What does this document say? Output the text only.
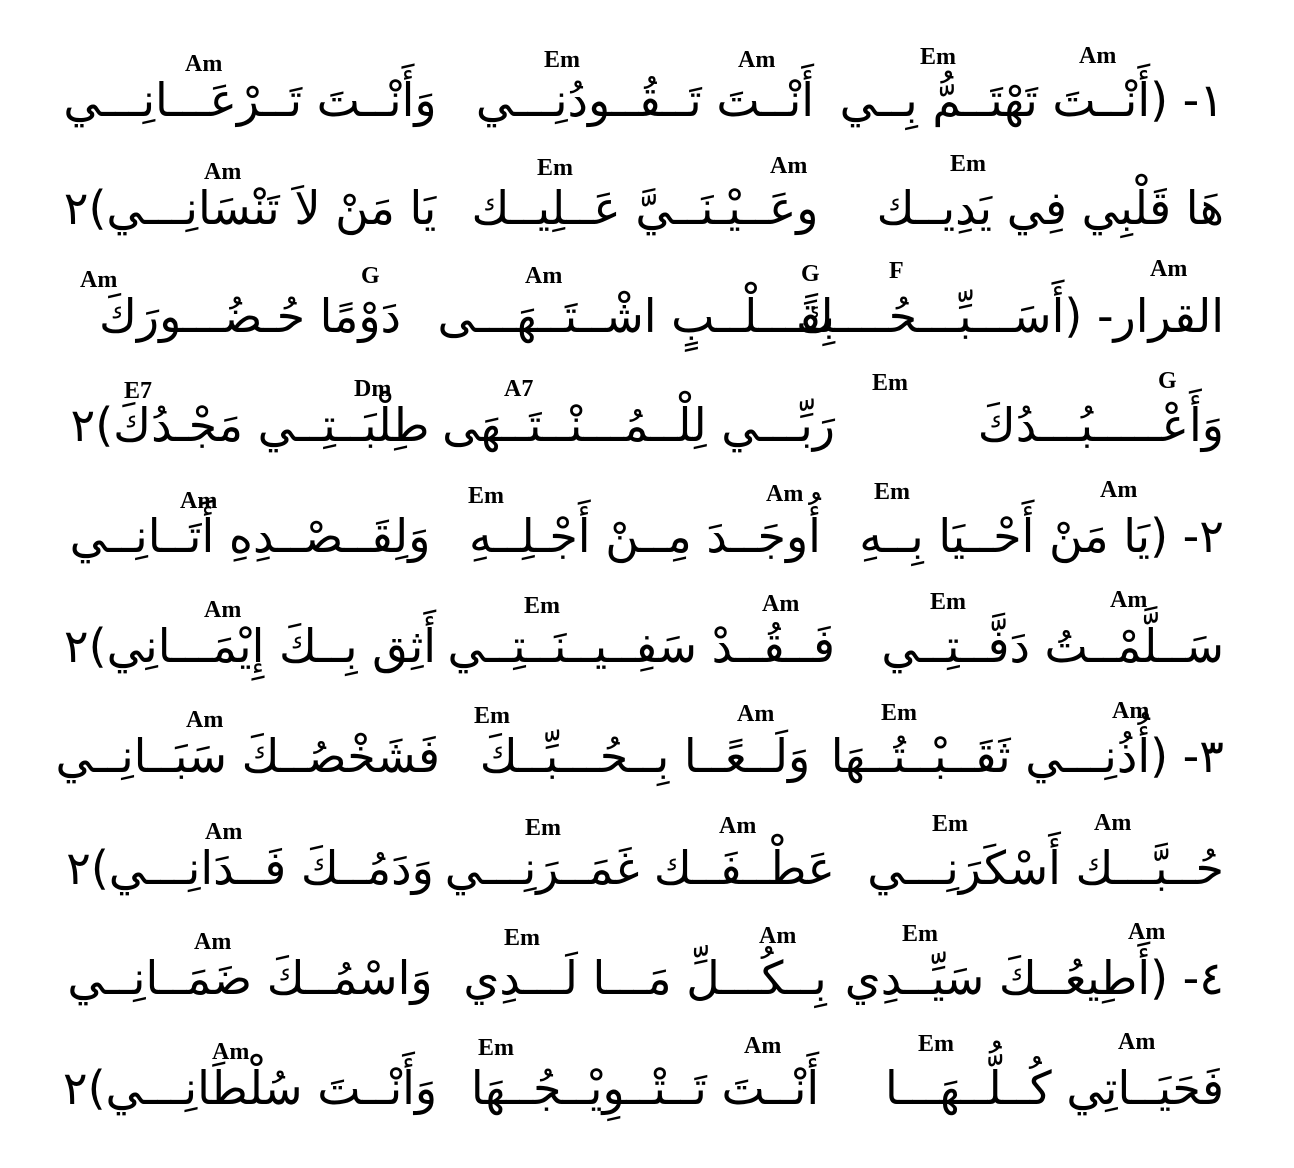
Em	Am
Em	Am
Am
١- (أَنْــتَ تَهْتَــمُّ بِــي
أَنْــتَ تَــقُــودُنِـــي
وَأَنْــتَ تَــرْعَـــانِـــي
Em
Am
Em
Am
هَا قَلْبِي فِي يَدِيــك
وعَــيْـنَــيَّ عَــلِيــك
يَا مَنْ لاَ تَنْسَانِـــي)٢
Am
F
G
Am
G
Am
القرار- (أَسَـــبِّـــحُــــكَ
بِقَـــلْــبٍ اشْــتَــهَـــى
دَوْمًا حُـضُـــورَكَ
G
Em
A7
Dm
E7
وَأَعْـــــبُـــدُكَ
رَبِّـــي لِلْــمُـــنْــتَــهَى
طِلْبَــتِــي مَجْـدُكَ)٢
Am	Em	Am	Em	Am
٢- (يَا مَنْ أَحْــيَا بِــهِ
أُوجَــدَ مِــنْ أَجْـلِــهِ
وَلِقَــصْــدِهِ أَتَــانِــي
Am	Em	Am	Em	Am
سَــلَّمْــتُ دَفَّــتِــي
فَــقُــدْ سَفِــيــنَــتِــي
أَثِق بِــكَ إِيْمَـــانِي)٢
Am	Em	Am	Em	Am
٣- (أُذُنِـــي ثَقَــبْــتُــهَا
وَلَــعًــا بِــحُـــبِّــكَ
فَشَخْصُــكَ سَبَــانِــي
Am	Em	Am	Em	Am
حُــبَّـــك أَسْكَرَنِـــي
عَطْــفَــك غَمَــرَنِـــي
وَدَمُــكَ فَــدَانِـــي)٢
Am	Em	Am	Em	Am
٤- (أَطِيعُــكَ سَيِّــدِي
بِــكُـــلِّ مَـــا لَـــدِي
وَاسْمُــكَ ضَمَــانِــي
Am	Em	Am	Em	Am
فَحَيَــاتِي كُــلُّــهَـــا
أَنْــتَ تَــتْــوِيْــجُــهَا
وَأَنْــتَ سُلْطَانِـــي)٢
